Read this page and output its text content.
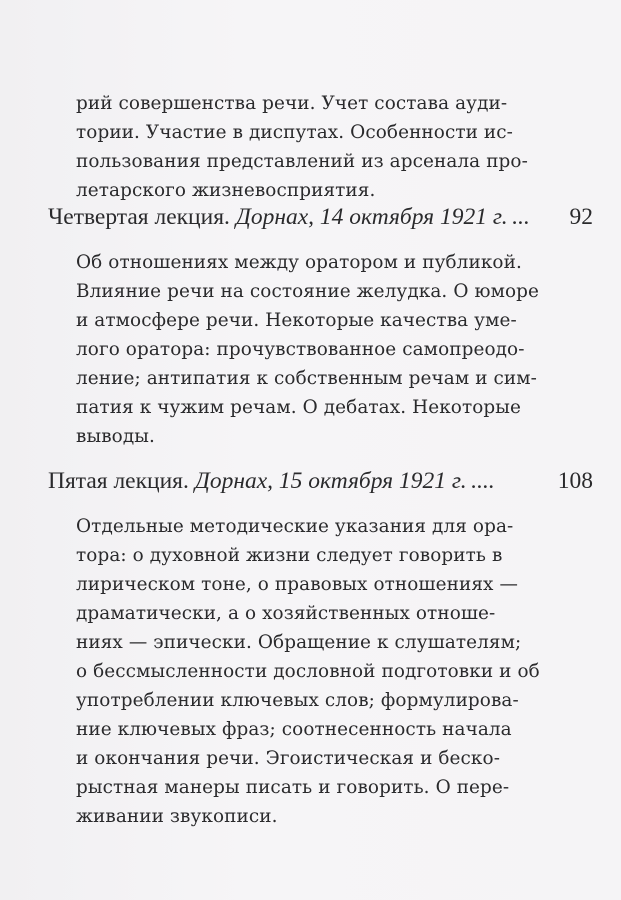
рий совершенства речи. Учет состава ауди-
тории. Участие в диспутах. Особенности ис-
пользования представлений из арсенала про-
летарского жизневосприятия.
Четвертая лекция. Дорнах, 14 октября 1921 г. ... 92
Об отношениях между оратором и публикой.
Влияние речи на состояние желудка. О юморе
и атмосфере речи. Некоторые качества уме-
лого оратора: прочувствованное самопреодо-
ление; антипатия к собственным речам и сим-
патия к чужим речам. О дебатах. Некоторые
выводы.
Пятая лекция. Дорнах, 15 октября 1921 г. ....	108
Отдельные методические указания для ора-
тора: о духовной жизни следует говорить в
лирическом тоне, о правовых отношениях —
драматически, а о хозяйственных отноше-
ниях — эпически. Обращение к слушателям;
о бессмысленности дословной подготовки и об
употреблении ключевых слов; формулирова-
ние ключевых фраз; соотнесенность начала
и окончания речи. Эгоистическая и беско-
рыстная манеры писать и говорить. О пере-
живании звукописи.
